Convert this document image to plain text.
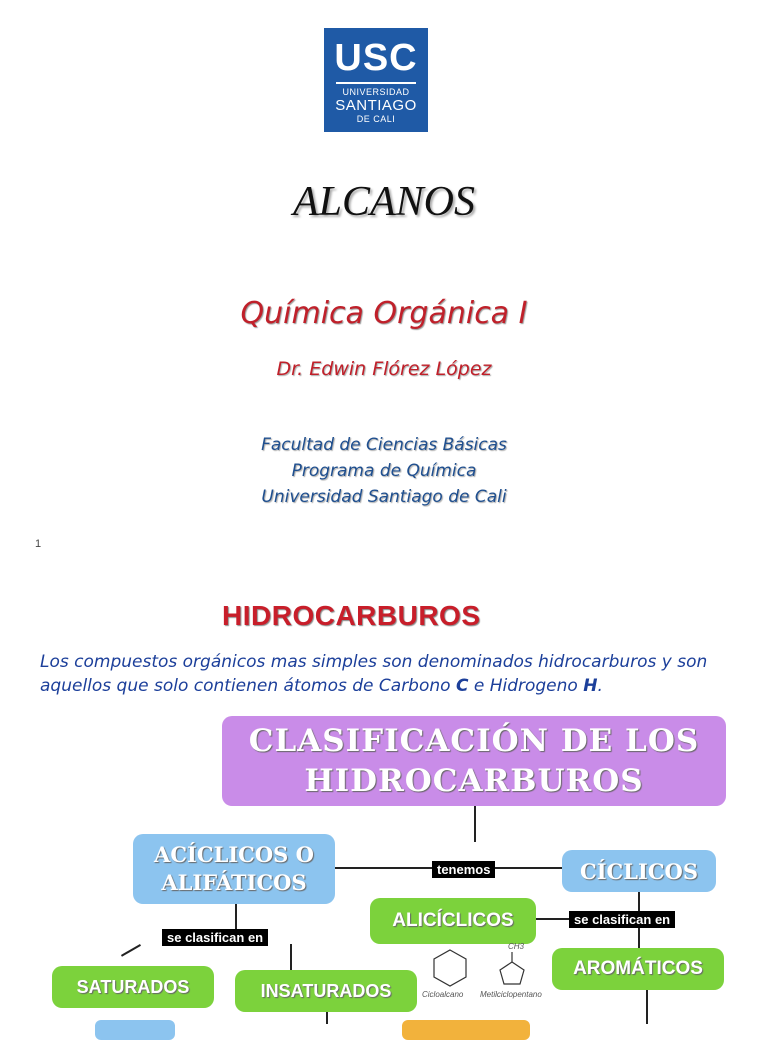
USC
UNIVERSIDAD
SANTIAGO
DE CALI
ALCANOS
Química Orgánica I
Dr. Edwin Flórez López
Facultad de Ciencias Básicas
Programa de Química
Universidad Santiago de Cali
1
HIDROCARBUROS
Los compuestos orgánicos mas simples son denominados hidrocarburos y son aquellos que solo contienen átomos de Carbono C e Hidrogeno H.
CLASIFICACIÓN DE LOS
HIDROCARBUROS
ACÍCLICOS O
ALIFÁTICOS	CÍCLICOS
ALICÍCLICOS
AROMÁTICOS
SATURADOS	INSATURADOS
tenemos
se clasifican en
se clasifican en
CH3
Cicloalcano Metilciclopentano
